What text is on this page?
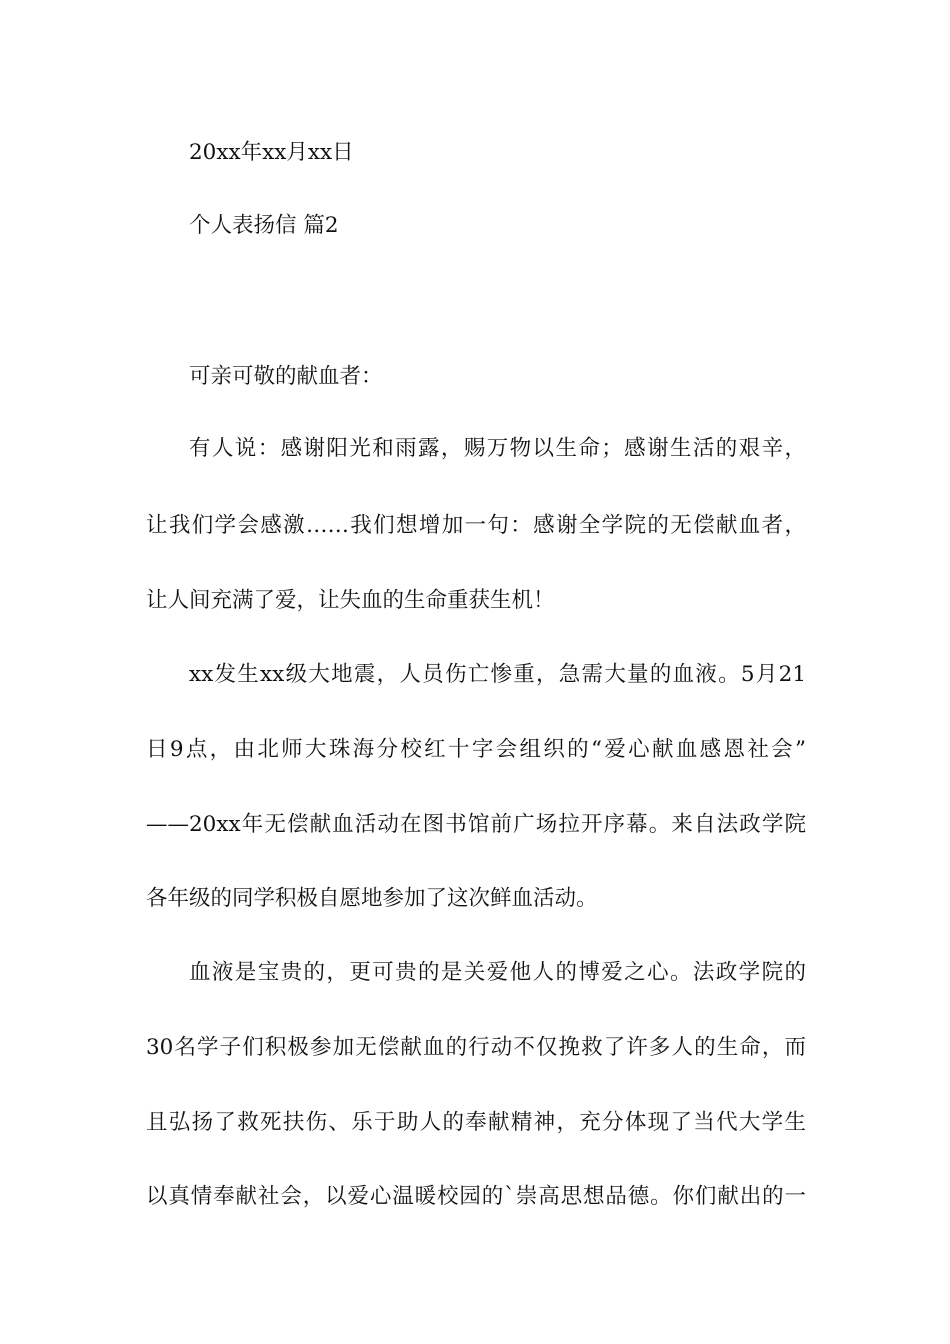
20xx年xx月xx日
个人表扬信 篇2
可亲可敬的献血者：
有人说：感谢阳光和雨露，赐万物以生命；感谢生活的艰辛，
让我们学会感激……我们想增加一句：感谢全学院的无偿献血者，
让人间充满了爱，让失血的生命重获生机！
xx发生xx级大地震，人员伤亡惨重，急需大量的血液。5月21
日9点，由北师大珠海分校红十字会组织的“爱心献血感恩社会”
——20xx年无偿献血活动在图书馆前广场拉开序幕。来自法政学院
各年级的同学积极自愿地参加了这次鲜血活动。
血液是宝贵的，更可贵的是关爱他人的博爱之心。法政学院的
30名学子们积极参加无偿献血的行动不仅挽救了许多人的生命，而
且弘扬了救死扶伤、乐于助人的奉献精神，充分体现了当代大学生
以真情奉献社会，以爱心温暖校园的`崇高思想品德。你们献出的一
